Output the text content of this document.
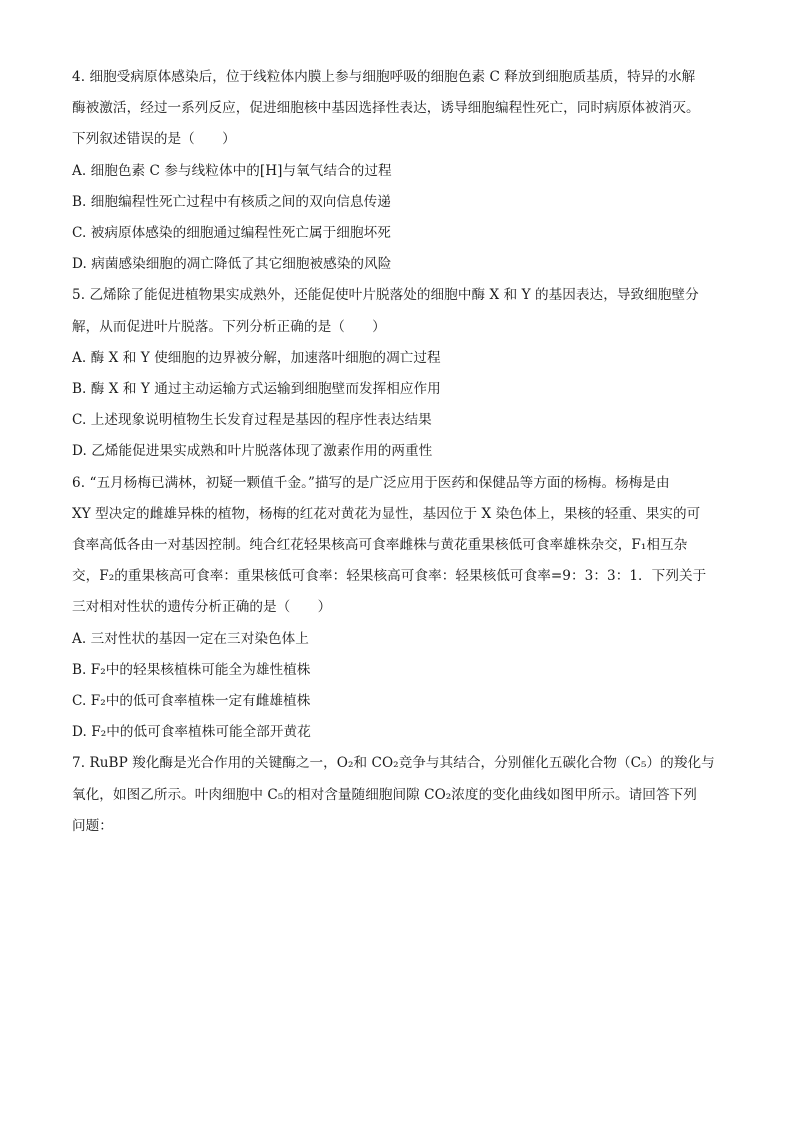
4. 细胞受病原体感染后，位于线粒体内膜上参与细胞呼吸的细胞色素 C 释放到细胞质基质，特异的水解
酶被激活，经过一系列反应，促进细胞核中基因选择性表达，诱导细胞编程性死亡，同时病原体被消灭。
下列叙述错误的是（　　）
A. 细胞色素 C 参与线粒体中的[H]与氧气结合的过程
B. 细胞编程性死亡过程中有核质之间的双向信息传递
C. 被病原体感染的细胞通过编程性死亡属于细胞坏死
D. 病菌感染细胞的凋亡降低了其它细胞被感染的风险
5. 乙烯除了能促进植物果实成熟外，还能促使叶片脱落处的细胞中酶 X 和 Y 的基因表达，导致细胞壁分
解，从而促进叶片脱落。下列分析正确的是（　　）
A. 酶 X 和 Y 使细胞的边界被分解，加速落叶细胞的凋亡过程
B. 酶 X 和 Y 通过主动运输方式运输到细胞壁而发挥相应作用
C. 上述现象说明植物生长发育过程是基因的程序性表达结果
D. 乙烯能促进果实成熟和叶片脱落体现了激素作用的两重性
6. “五月杨梅已满林，初疑一颗值千金。”描写的是广泛应用于医药和保健品等方面的杨梅。杨梅是由
XY 型决定的雌雄异株的植物，杨梅的红花对黄花为显性，基因位于 X 染色体上，果核的轻重、果实的可
食率高低各由一对基因控制。纯合红花轻果核高可食率雌株与黄花重果核低可食率雄株杂交，F₁相互杂
交，F₂的重果核高可食率：重果核低可食率：轻果核高可食率：轻果核低可食率=9：3：3：1．下列关于
三对相对性状的遗传分析正确的是（　　）
A. 三对性状的基因一定在三对染色体上
B. F₂中的轻果核植株可能全为雄性植株
C. F₂中的低可食率植株一定有雌雄植株
D. F₂中的低可食率植株可能全部开黄花
7. RuBP 羧化酶是光合作用的关键酶之一，O₂和 CO₂竞争与其结合，分别催化五碳化合物（C₅）的羧化与
氧化，如图乙所示。叶肉细胞中 C₅的相对含量随细胞间隙 CO₂浓度的变化曲线如图甲所示。请回答下列
问题：
